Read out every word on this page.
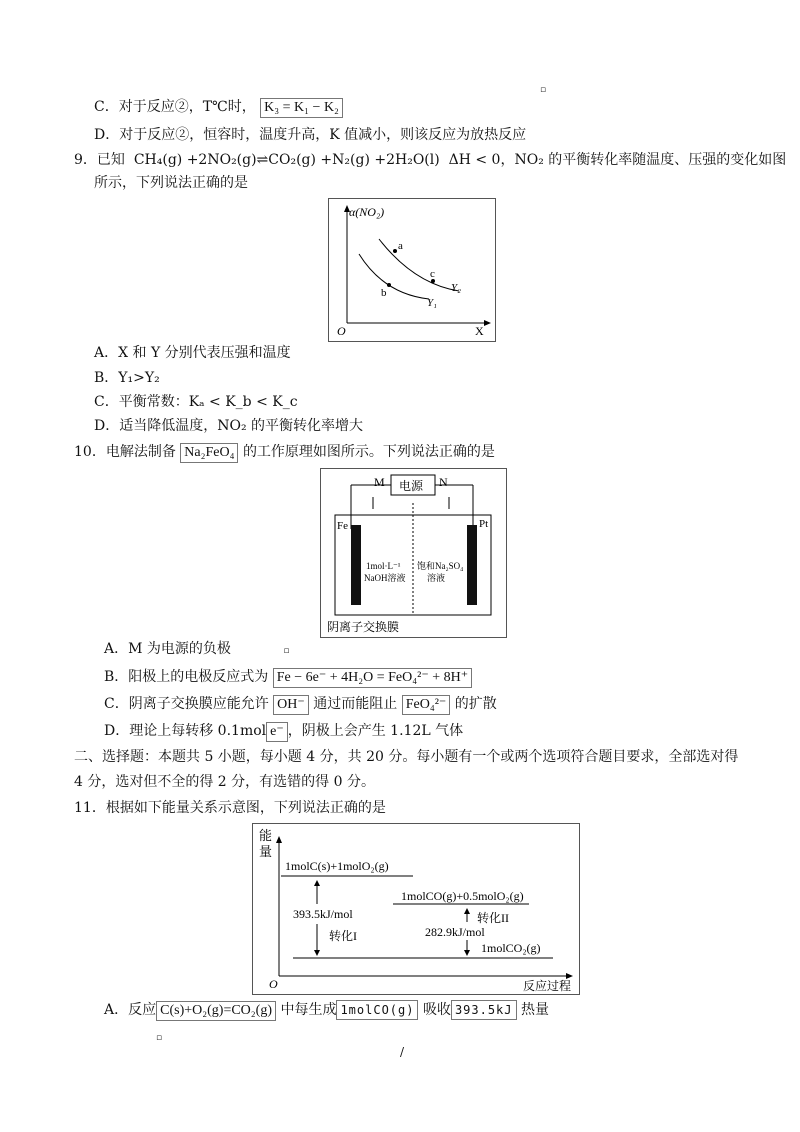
▫
C．对于反应②，T℃时， K₃ = K₁ − K₂
D．对于反应②，恒容时，温度升高，K 值减小，则该反应为放热反应
9．已知 CH₄(g) +2NO₂(g)⇌CO₂(g) +N₂(g) +2H₂O(l) ΔH < 0，NO₂ 的平衡转化率随温度、压强的变化如图
所示，下列说法正确的是
α(NO₂)
X
O
a
c
b	Y₂
Y₁
A．X 和 Y 分别代表压强和温度
B．Y₁>Y₂
C．平衡常数：Kₐ < K_b < K_c
D．适当降低温度，NO₂ 的平衡转化率增大
10．电解法制备 Na₂FeO₄ 的工作原理如图所示。下列说法正确的是
电源
M	N
Fe	Pt
1mol·L⁻¹
NaOH溶液
饱和Na₂SO₄
溶液
阴离子交换膜
A．M 为电源的负极	▫
B．阳极上的电极反应式为 Fe − 6e⁻ + 4H₂O = FeO₄²⁻ + 8H⁺
C．阴离子交换膜应能允许 OH⁻ 通过而能阻止 FeO₄²⁻ 的扩散
D．理论上每转移 0.1mol e⁻ ，阴极上会产生 1.12L 气体
二、选择题：本题共 5 小题，每小题 4 分，共 20 分。每小题有一个或两个选项符合题目要求，全部选对得
4 分，选对但不全的得 2 分，有选错的得 0 分。
11．根据如下能量关系示意图，下列说法正确的是
能
量
O	反应过程
1molC(s)+1molO₂(g)
1molCO(g)+0.5molO₂(g)
1molCO₂(g)
393.5kJ/mol
转化I
转化II
282.9kJ/mol
A．反应 C(s)+O₂(g)=CO₂(g) 中每生成 1molCO(g) 吸收 393.5kJ 热量
▫
/
